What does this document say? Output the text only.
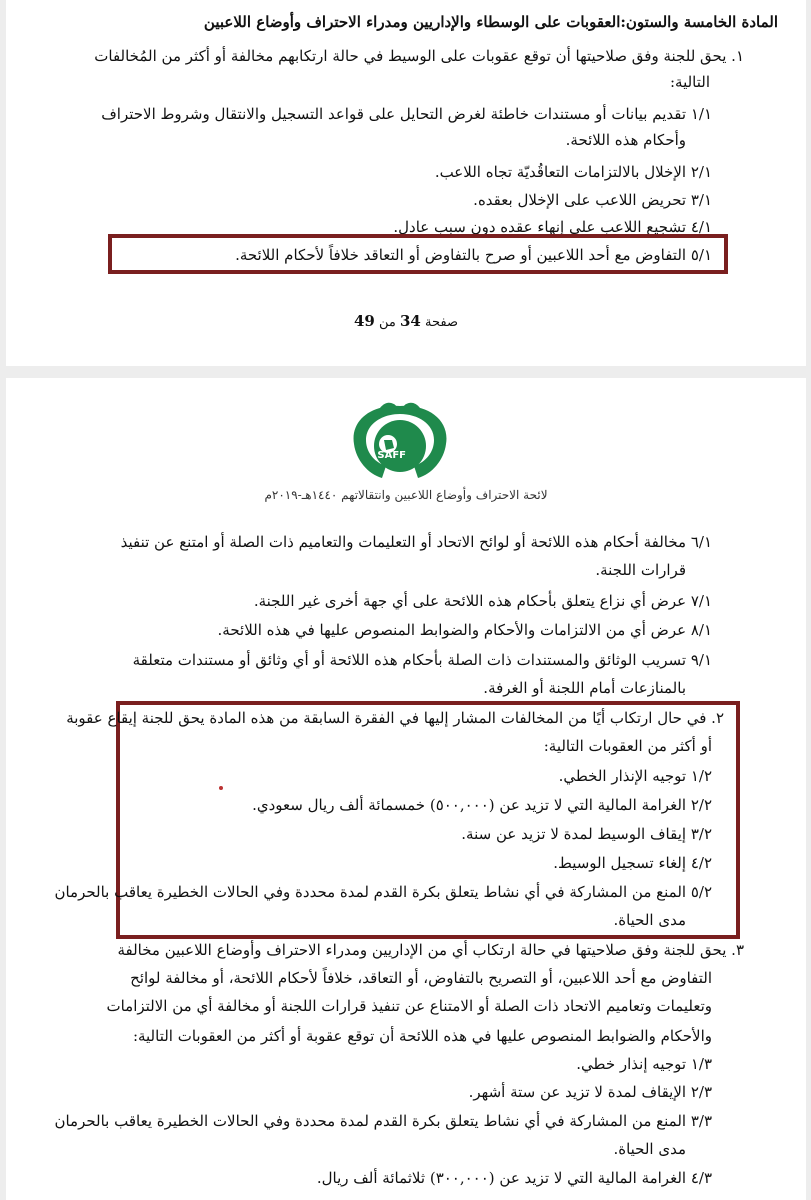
المادة الخامسة والستون:العقوبات على الوسطاء والإداريين ومدراء الاحتراف وأوضاع اللاعبين
١. يحق للجنة وفق صلاحيتها أن توقع عقوبات على الوسيط في حالة ارتكابهم مخالفة أو أكثر من المُخالفات
التالية:
١/١ تقديم بيانات أو مستندات خاطئة لغرض التحايل على قواعد التسجيل والانتقال وشروط الاحتراف
وأحكام هذه اللائحة.
٢/١ الإخلال بالالتزامات التعاقُديّة تجاه اللاعب.
٣/١ تحريض اللاعب على الإخلال بعقده.
٤/١ تشجيع اللاعب على إنهاء عقده دون سبب عادل.
٥/١ التفاوض مع أحد اللاعبين أو صرح بالتفاوض أو التعاقد خلافاً لأحكام اللائحة.
صفحة 34 من 49
SAFF
لائحة الاحتراف وأوضاع اللاعبين وانتقالاتهم ١٤٤٠هـ-٢٠١٩م
٦/١ مخالفة أحكام هذه اللائحة أو لوائح الاتحاد أو التعليمات والتعاميم ذات الصلة أو امتنع عن تنفيذ
قرارات اللجنة.
٧/١ عرض أي نزاع يتعلق بأحكام هذه اللائحة على أي جهة أخرى غير اللجنة.
٨/١ عرض أي من الالتزامات والأحكام والضوابط المنصوص عليها في هذه اللائحة.
٩/١ تسريب الوثائق والمستندات ذات الصلة بأحكام هذه اللائحة أو أي وثائق أو مستندات متعلقة
بالمنازعات أمام اللجنة أو الغرفة.
٢. في حال ارتكاب أيًا من المخالفات المشار إليها في الفقرة السابقة من هذه المادة يحق للجنة إيقاع عقوبة
أو أكثر من العقوبات التالية:
١/٢ توجيه الإنذار الخطي.
٢/٢ الغرامة المالية التي لا تزيد عن (٥٠٠,٠٠٠) خمسمائة ألف ريال سعودي.
٣/٢ إيقاف الوسيط لمدة لا تزيد عن سنة.
٤/٢ إلغاء تسجيل الوسيط.
٥/٢ المنع من المشاركة في أي نشاط يتعلق بكرة القدم لمدة محددة وفي الحالات الخطيرة يعاقب بالحرمان
مدى الحياة.
٣. يحق للجنة وفق صلاحيتها في حالة ارتكاب أي من الإداريين ومدراء الاحتراف وأوضاع اللاعبين مخالفة
التفاوض مع أحد اللاعبين، أو التصريح بالتفاوض، أو التعاقد، خلافاً لأحكام اللائحة، أو مخالفة لوائح
وتعليمات وتعاميم الاتحاد ذات الصلة أو الامتناع عن تنفيذ قرارات اللجنة أو مخالفة أي من الالتزامات
والأحكام والضوابط المنصوص عليها في هذه اللائحة أن توقع عقوبة أو أكثر من العقوبات التالية:
١/٣ توجيه إنذار خطي.
٢/٣ الإيقاف لمدة لا تزيد عن ستة أشهر.
٣/٣ المنع من المشاركة في أي نشاط يتعلق بكرة القدم لمدة محددة وفي الحالات الخطيرة يعاقب بالحرمان
مدى الحياة.
٤/٣ الغرامة المالية التي لا تزيد عن (٣٠٠,٠٠٠) ثلاثمائة ألف ريال.
